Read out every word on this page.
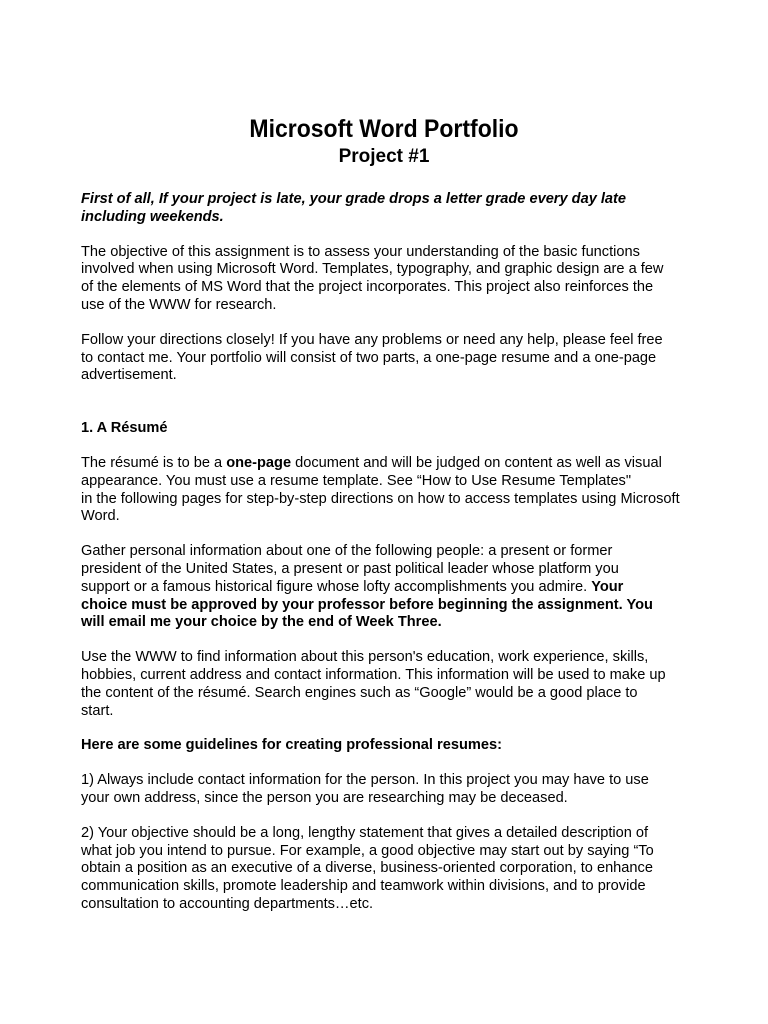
Microsoft Word Portfolio
Project #1

First of all, If your project is late, your grade drops a letter grade every day late
including weekends.

The objective of this assignment is to assess your understanding of the basic functions
involved when using Microsoft Word. Templates, typography, and graphic design are a few
of the elements of MS Word that the project incorporates. This project also reinforces the
use of the WWW for research.

Follow your directions closely! If you have any problems or need any help, please feel free
to contact me. Your portfolio will consist of two parts, a one-page resume and a one-page
advertisement.

1. A Résumé

The résumé is to be a one-page document and will be judged on content as well as visual
appearance. You must use a resume template. See “How to Use Resume Templates"
in the following pages for step-by-step directions on how to access templates using Microsoft
Word.

Gather personal information about one of the following people: a present or former
president of the United States, a present or past political leader whose platform you
support or a famous historical figure whose lofty accomplishments you admire. Your
choice must be approved by your professor before beginning the assignment. You
will email me your choice by the end of Week Three.

Use the WWW to find information about this person's education, work experience, skills,
hobbies, current address and contact information. This information will be used to make up
the content of the résumé. Search engines such as “Google” would be a good place to
start.

Here are some guidelines for creating professional resumes:

1) Always include contact information for the person. In this project you may have to use
your own address, since the person you are researching may be deceased.

2) Your objective should be a long, lengthy statement that gives a detailed description of
what job you intend to pursue. For example, a good objective may start out by saying “To
obtain a position as an executive of a diverse, business-oriented corporation, to enhance
communication skills, promote leadership and teamwork within divisions, and to provide
consultation to accounting departments…etc.
